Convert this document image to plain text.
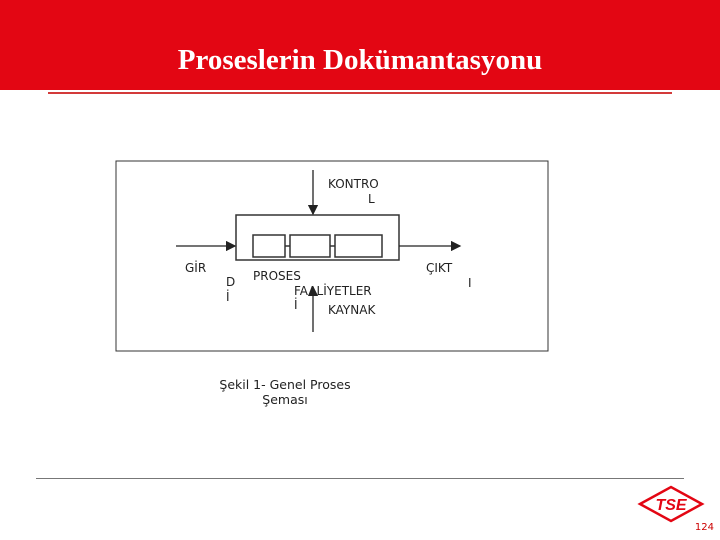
Proseslerin Dokümantasyonu
KONTRO
L
GİR
D
İ
PROSES
FAALİYETLER
İ
ÇIKT
I
KAYNAK
Şekil 1- Genel Proses
Şeması
TSE
124
